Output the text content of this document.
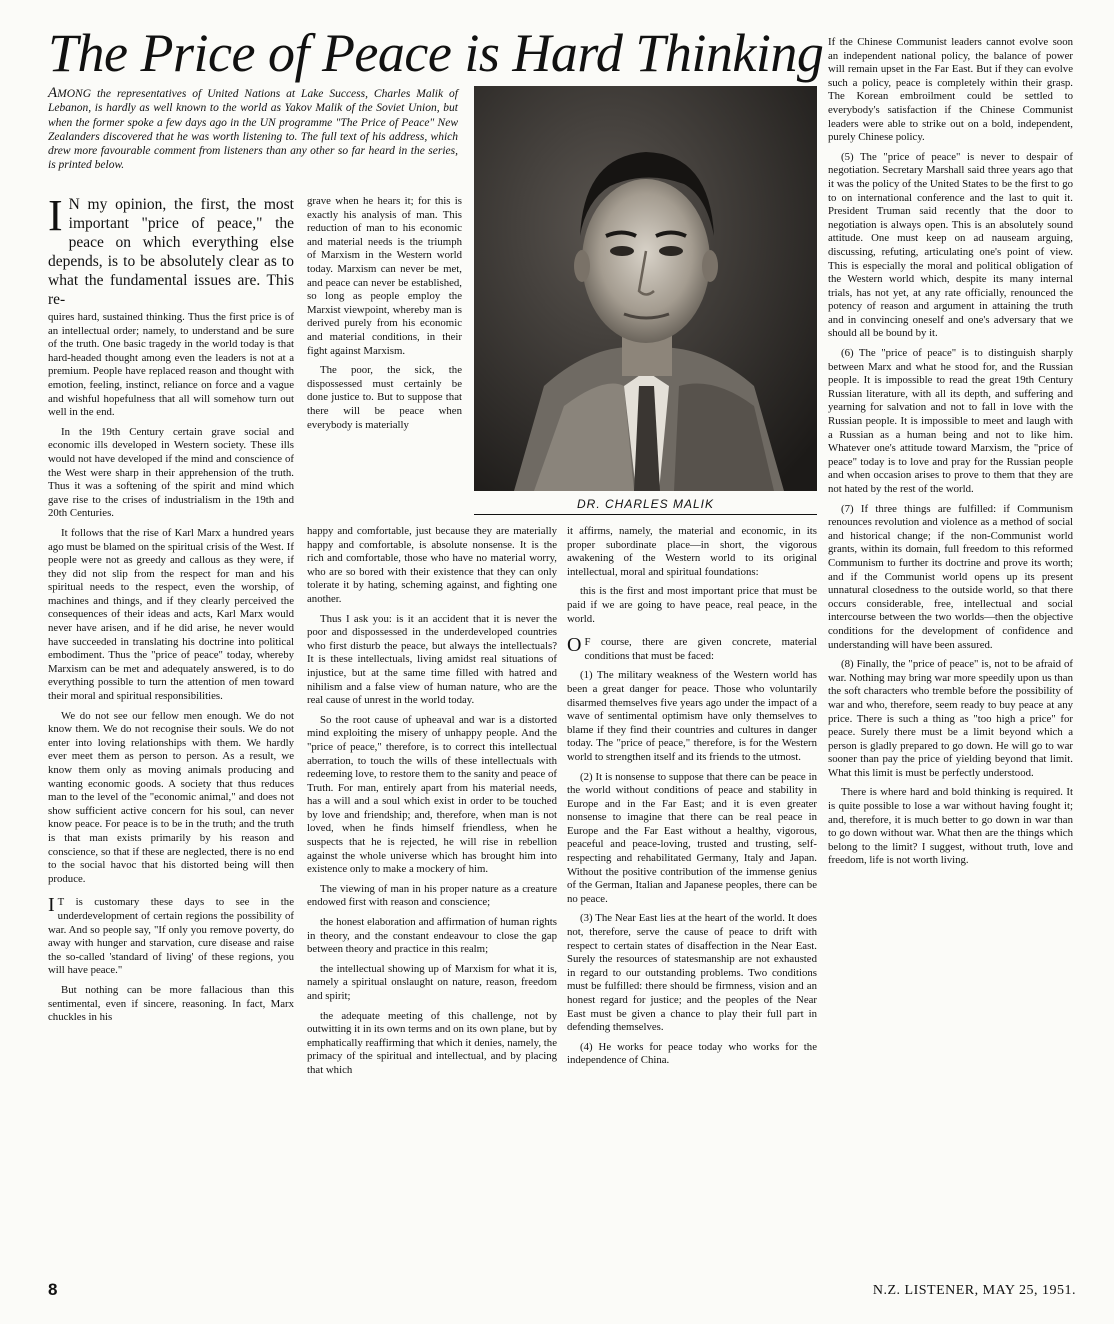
The Price of Peace is Hard Thinking
AMONG the representatives of United Nations at Lake Success, Charles Malik of Lebanon, is hardly as well known to the world as Yakov Malik of the Soviet Union, but when the former spoke a few days ago in the UN programme "The Price of Peace" New Zealanders discovered that he was worth listening to. The full text of his address, which drew more favourable comment from listeners than any other so far heard in the series, is printed below.

I N my opinion, the first, the most important "price of peace," the peace on which everything else depends, is to be absolutely clear as to what the fundamental issues are. This re-

quires hard, sustained thinking. Thus the first price is of an intellectual order; namely, to understand and be sure of the truth. One basic tragedy in the world today is that hard-headed thought among even the leaders is not at a premium. People have replaced reason and thought with emotion, feeling, instinct, reliance on force and a vague and wishful hopefulness that all will somehow turn out well in the end.

In the 19th Century certain grave social and economic ills developed in Western society. These ills would not have developed if the mind and conscience of the West were sharp in their apprehension of the truth. Thus it was a softening of the spirit and mind which gave rise to the crises of industrialism in the 19th and 20th Centuries.

It follows that the rise of Karl Marx a hundred years ago must be blamed on the spiritual crisis of the West. If people were not as greedy and callous as they were, if they did not slip from the respect for man and his spiritual needs to the respect, even the worship, of machines and things, and if they clearly perceived the consequences of their ideas and acts, Karl Marx would never have arisen, and if he did arise, he never would have succeeded in translating his doctrine into political embodiment. Thus the "price of peace" today, whereby Marxism can be met and adequately answered, is to do everything possible to turn the attention of men toward their moral and spiritual responsibilities.

We do not see our fellow men enough. We do not know them. We do not recognise their souls. We do not enter into loving relationships with them. We hardly ever meet them as person to person. As a result, we know them only as moving animals producing and wanting economic goods. A society that thus reduces man to the level of the "economic animal," and does not show sufficient active concern for his soul, can never know peace. For peace is to be in the truth; and the truth is that man exists primarily by his reason and conscience, so that if these are neglected, there is no end to the social havoc that his distorted being will then produce.

I T is customary these days to see in the underdevelopment of certain regions the possibility of war. And so people say, "If only you remove poverty, do away with hunger and starvation, cure disease and raise the so-called 'standard of living' of these regions, you will have peace."

But nothing can be more fallacious than this sentimental, even if sincere, reasoning. In fact, Marx chuckles in his

grave when he hears it; for this is exactly his analysis of man. This reduction of man to his economic and material needs is the triumph of Marxism in the Western world today. Marxism can never be met, and peace can never be established, so long as people employ the Marxist viewpoint, whereby man is derived purely from his economic and material conditions, in their fight against Marxism.

The poor, the sick, the dispossessed must certainly be done justice to. But to suppose that there will be peace when everybody is materially

DR. CHARLES MALIK

happy and comfortable, just because they are materially happy and comfortable, is absolute nonsense. It is the rich and comfortable, those who have no material worry, who are so bored with their existence that they can only tolerate it by hating, scheming against, and fighting one another.

Thus I ask you: is it an accident that it is never the poor and dispossessed in the underdeveloped countries who first disturb the peace, but always the intellectuals? It is these intellectuals, living amidst real situations of injustice, but at the same time filled with hatred and nihilism and a false view of human nature, who are the real cause of unrest in the world today.

So the root cause of upheaval and war is a distorted mind exploiting the misery of unhappy people. And the "price of peace," therefore, is to correct this intellectual aberration, to touch the wills of these intellectuals with redeeming love, to restore them to the sanity and peace of Truth. For man, entirely apart from his material needs, has a will and a soul which exist in order to be touched by love and friendship; and, therefore, when man is not loved, when he finds himself friendless, when he suspects that he is rejected, he will rise in rebellion against the whole universe which has brought him into existence only to make a mockery of him.

The viewing of man in his proper nature as a creature endowed first with reason and conscience;

the honest elaboration and affirmation of human rights in theory, and the constant endeavour to close the gap between theory and practice in this realm;

the intellectual showing up of Marxism for what it is, namely a spiritual onslaught on nature, reason, freedom and spirit;

the adequate meeting of this challenge, not by outwitting it in its own terms and on its own plane, but by emphatically reaffirming that which it denies, namely, the primacy of the spiritual and intellectual, and by placing that which

it affirms, namely, the material and economic, in its proper subordinate place—in short, the vigorous awakening of the Western world to its original intellectual, moral and spiritual foundations:

this is the first and most important price that must be paid if we are going to have peace, real peace, in the world.

O F course, there are given concrete, material conditions that must be faced:

(1) The military weakness of the Western world has been a great danger for peace. Those who voluntarily disarmed themselves five years ago under the impact of a wave of sentimental optimism have only themselves to blame if they find their countries and cultures in danger today. The "price of peace," therefore, is for the Western world to strengthen itself and its friends to the utmost.

(2) It is nonsense to suppose that there can be peace in the world without conditions of peace and stability in Europe and in the Far East; and it is even greater nonsense to imagine that there can be real peace in Europe and the Far East without a healthy, vigorous, peaceful and peace-loving, trusted and trusting, self-respecting and rehabilitated Germany, Italy and Japan. Without the positive contribution of the immense genius of the German, Italian and Japanese peoples, there can be no peace.

(3) The Near East lies at the heart of the world. It does not, therefore, serve the cause of peace to drift with respect to certain states of disaffection in the Near East. Surely the resources of statesmanship are not exhausted in regard to our outstanding problems. Two conditions must be fulfilled: there should be firmness, vision and an honest regard for justice; and the peoples of the Near East must be given a chance to play their full part in defending themselves.

(4) He works for peace today who works for the independence of China.

If the Chinese Communist leaders cannot evolve soon an independent national policy, the balance of power will remain upset in the Far East. But if they can evolve such a policy, peace is completely within their grasp. The Korean embroilment could be settled to everybody's satisfaction if the Chinese Communist leaders were able to strike out on a bold, independent, purely Chinese policy.

(5) The "price of peace" is never to despair of negotiation. Secretary Marshall said three years ago that it was the policy of the United States to be the first to go to on international conference and the last to quit it. President Truman said recently that the door to negotiation is always open. This is an absolutely sound attitude. One must keep on ad nauseam arguing, discussing, refuting, articulating one's point of view. This is especially the moral and political obligation of the Western world which, despite its many internal trials, has not yet, at any rate officially, renounced the potency of reason and argument in attaining the truth and in convincing oneself and one's adversary that we should all be bound by it.

(6) The "price of peace" is to distinguish sharply between Marx and what he stood for, and the Russian people. It is impossible to read the great 19th Century Russian literature, with all its depth, and suffering and yearning for salvation and not to fall in love with the Russian people. It is impossible to meet and laugh with a Russian as a human being and not to like him. Whatever one's attitude toward Marxism, the "price of peace" today is to love and pray for the Russian people and when occasion arises to prove to them that they are not hated by the rest of the world.

(7) If three things are fulfilled: if Communism renounces revolution and violence as a method of social and historical change; if the non-Communist world grants, within its domain, full freedom to this reformed Communism to further its doctrine and prove its worth; and if the Communist world opens up its present unnatural closedness to the outside world, so that there occurs considerable, free, intellectual and social intercourse between the two worlds—then the objective conditions for the development of confidence and understanding will have been assured.

(8) Finally, the "price of peace" is, not to be afraid of war. Nothing may bring war more speedily upon us than the soft characters who tremble before the possibility of war and who, therefore, seem ready to buy peace at any price. There is such a thing as "too high a price" for peace. Surely there must be a limit beyond which a person is gladly prepared to go down. He will go to war sooner than pay the price of yielding beyond that limit. What this limit is must be perfectly understood.

There is where hard and bold thinking is required. It is quite possible to lose a war without having fought it; and, therefore, it is much better to go down in war than to go down without war. What then are the things which belong to the limit? I suggest, without truth, love and freedom, life is not worth living.

8	N.Z. LISTENER, MAY 25, 1951.
